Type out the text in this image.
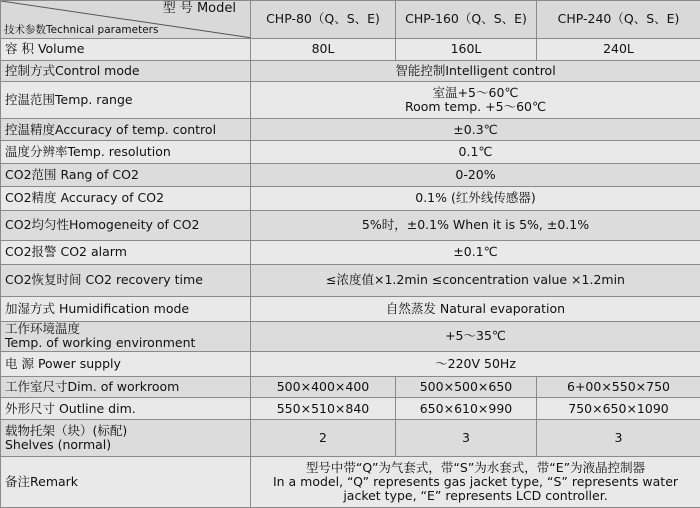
型 号 Model
技术参数Technical parameters	CHP-80（Q、S、E)	CHP-160（Q、S、E)	CHP-240（Q、S、E)
容 积 Volume	80L	160L	240L
控制方式Control mode	智能控制Intelligent control		
控温范围Temp. range	室温+5～60℃
Room temp. +5～60℃		

控温精度Accuracy of temp. control	±0.3℃		
温度分辨率Temp. resolution	0.1℃		
CO2范围 Rang of CO2	0-20%		
CO2精度 Accuracy of CO2	0.1% (红外线传感器)		
CO2均匀性Homogeneity of CO2	5%时，±0.1% When it is 5%, ±0.1%		
CO2报警 CO2 alarm	±0.1℃		
CO2恢复时间 CO2 recovery time	≤浓度值×1.2min ≤concentration value ×1.2min		
加湿方式 Humidification mode	自然蒸发 Natural evaporation		

工作环境温度
Temp. of working environment	+5～35℃		
电 源 Power supply	～220V 50Hz		
工作室尺寸Dim. of workroom	500×400×400	500×500×650	6+00×550×750
外形尺寸 Outline dim.	550×510×840	650×610×990	750×650×1090

载物托架（块）(标配)
Shelves (normal)	2	3	3
备注Remark	型号中带“Q”为气套式，带“S”为水套式，带“E”为液晶控制器
In a model, “Q” represents gas jacket type, “S” represents water
jacket type, “E” represents LCD controller.		
